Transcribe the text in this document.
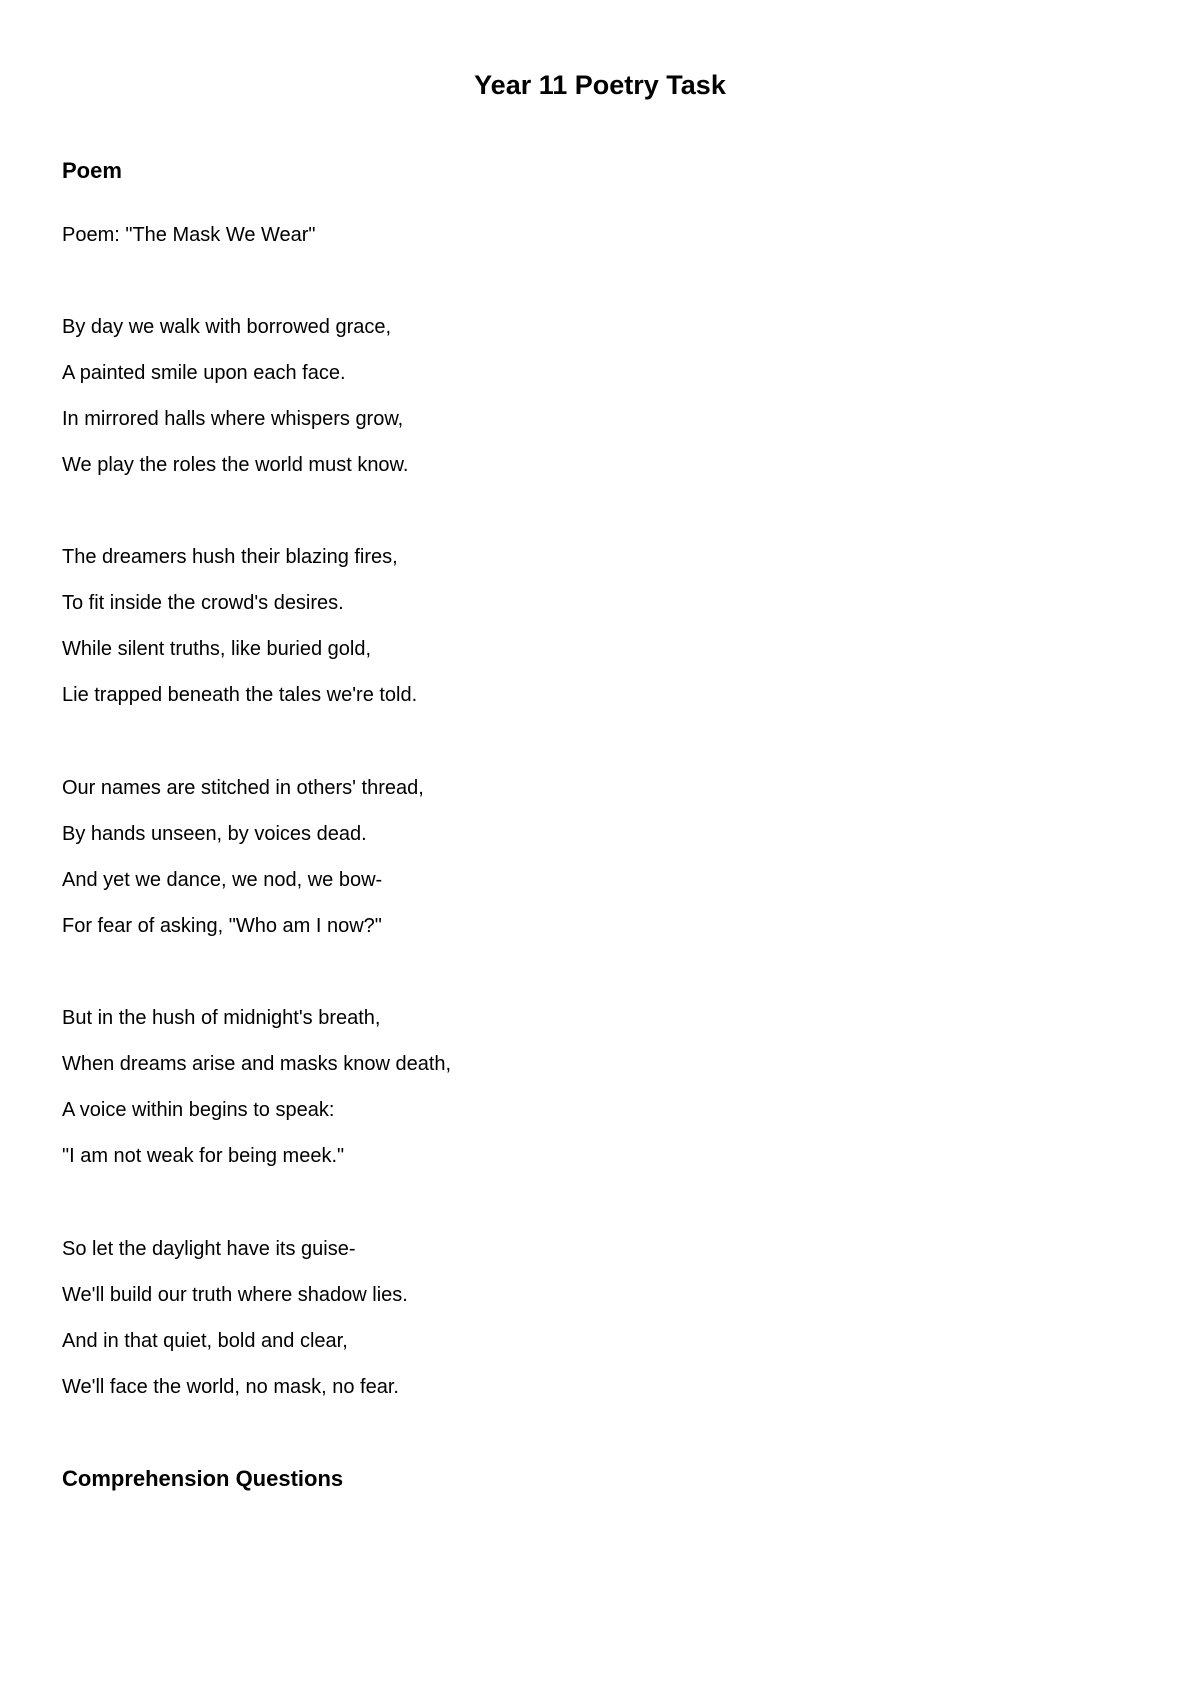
Year 11 Poetry Task
Poem

Poem: "The Mask We Wear"

By day we walk with borrowed grace,

A painted smile upon each face.

In mirrored halls where whispers grow,

We play the roles the world must know.

The dreamers hush their blazing fires,

To fit inside the crowd's desires.

While silent truths, like buried gold,

Lie trapped beneath the tales we're told.

Our names are stitched in others' thread,

By hands unseen, by voices dead.

And yet we dance, we nod, we bow-

For fear of asking, "Who am I now?"

But in the hush of midnight's breath,

When dreams arise and masks know death,

A voice within begins to speak:

"I am not weak for being meek."

So let the daylight have its guise-

We'll build our truth where shadow lies.

And in that quiet, bold and clear,

We'll face the world, no mask, no fear.

Comprehension Questions
